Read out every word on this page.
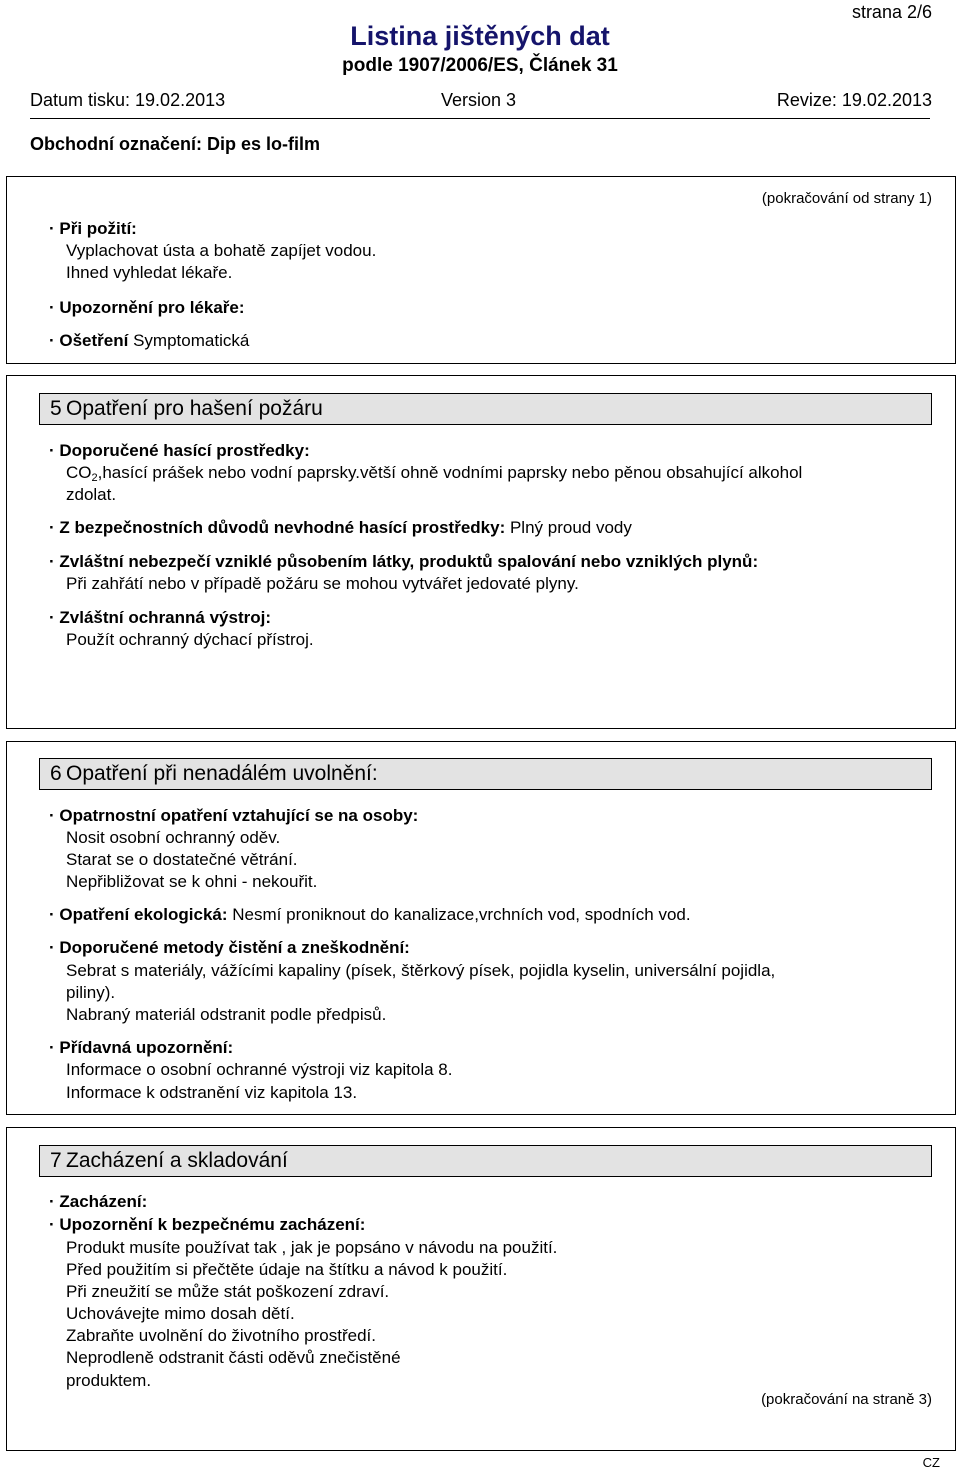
strana 2/6
Listina jištěných dat
podle 1907/2006/ES, Článek 31
Datum tisku: 19.02.2013	Version 3	Revize: 19.02.2013
Obchodní označení: Dip es lo-film
(pokračování od strany 1)
· Při požití:
Vyplachovat ústa a bohatě zapíjet vodou.
Ihned vyhledat lékaře.
· Upozornění pro lékaře:
· Ošetření Symptomatická
5 Opatření pro hašení požáru
· Doporučené hasící prostředky:
$CO_2,hasící$ prášek nebo vodní paprsky.větší ohně vodními paprsky nebo pěnou obsahující alkohol
zdolat.
· Z bezpečnostních důvodů nevhodné hasící prostředky: Plný proud vody
· Zvláštní nebezpečí vzniklé působením látky, produktů spalování nebo vzniklých plynů:
Při zahřátí nebo v případě požáru se mohou vytvářet jedovaté plyny.
· Zvláštní ochranná výstroj:
Použít ochranný dýchací přístroj.
6 Opatření při nenadálém uvolnění:
· Opatrnostní opatření vztahující se na osoby:
Nosit osobní ochranný oděv.
Starat se o dostatečné větrání.
Nepřibližovat se k ohni - nekouřit.
· Opatření ekologická: Nesmí proniknout do kanalizace,vrchních vod, spodních vod.
· Doporučené metody čistění a zneškodnění:
Sebrat s materiály, vážícími kapaliny (písek, štěrkový písek, pojidla kyselin, universální pojidla,
piliny).
Nabraný materiál odstranit podle předpisů.
· Přídavná upozornění:
Informace o osobní ochranné výstroji viz kapitola 8.
Informace k odstranění viz kapitola 13.
7 Zacházení a skladování
· Zacházení:
· Upozornění k bezpečnému zacházení:
Produkt musíte používat tak , jak je popsáno v návodu na použití.
Před použitím si přečtěte údaje na štítku a návod k použití.
Při zneužití se může stát poškození zdraví.
Uchovávejte mimo dosah dětí.
Zabraňte uvolnění do životního prostředí.
Neprodleně odstranit části oděvů znečistěné
produktem.
(pokračování na straně 3)
CZ
